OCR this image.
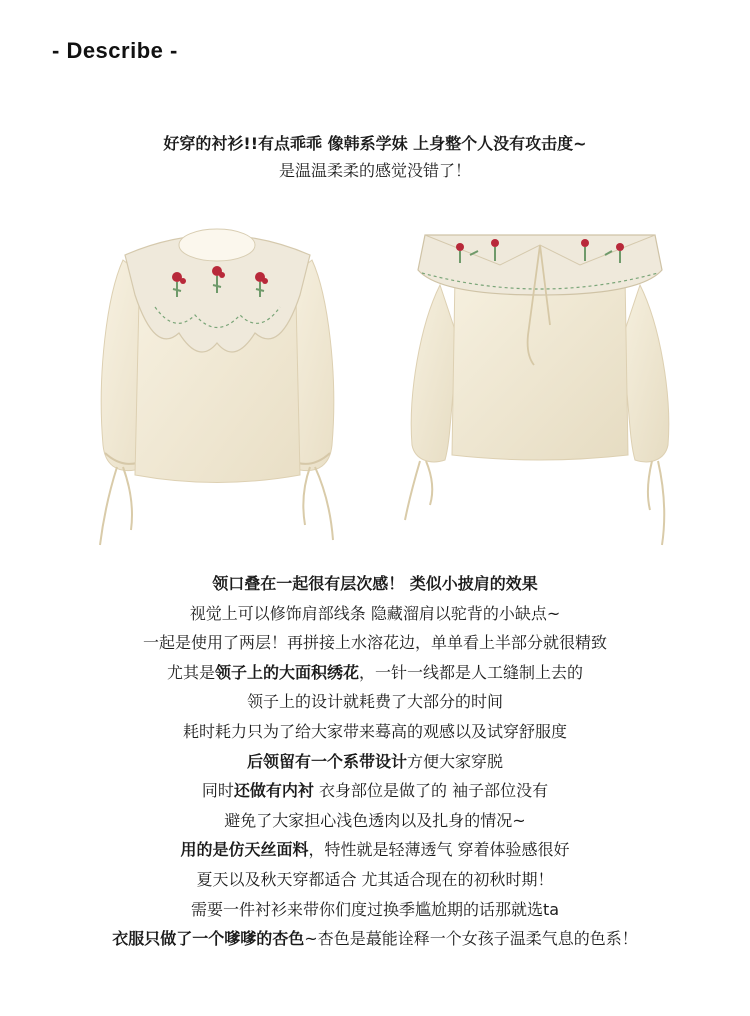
- Describe -
好穿的衬衫!!有点乖乖 像韩系学妹 上身整个人没有攻击度~
是温温柔柔的感觉没错了！

领口叠在一起很有层次感！ 类似小披肩的效果

视觉上可以修饰肩部线条 隐藏溜肩以驼背的小缺点~

一起是使用了两层！再拼接上水溶花边，单单看上半部分就很精致

尤其是领子上的大面积绣花，一针一线都是人工缝制上去的

领子上的设计就耗费了大部分的时间

耗时耗力只为了给大家带来蓦高的观感以及试穿舒服度

后领留有一个系带设计方便大家穿脱

同时还做有内衬 衣身部位是做了的 袖子部位没有

避免了大家担心浅色透肉以及扎身的情况~

用的是仿天丝面料，特性就是轻薄透气 穿着体验感很好

夏天以及秋天穿都适合 尤其适合现在的初秋时期！

需要一件衬衫来带你们度过换季尴尬期的话那就选ta

衣服只做了一个嗲嗲的杏色~杏色是蕞能诠释一个女孩子温柔气息的色系！
